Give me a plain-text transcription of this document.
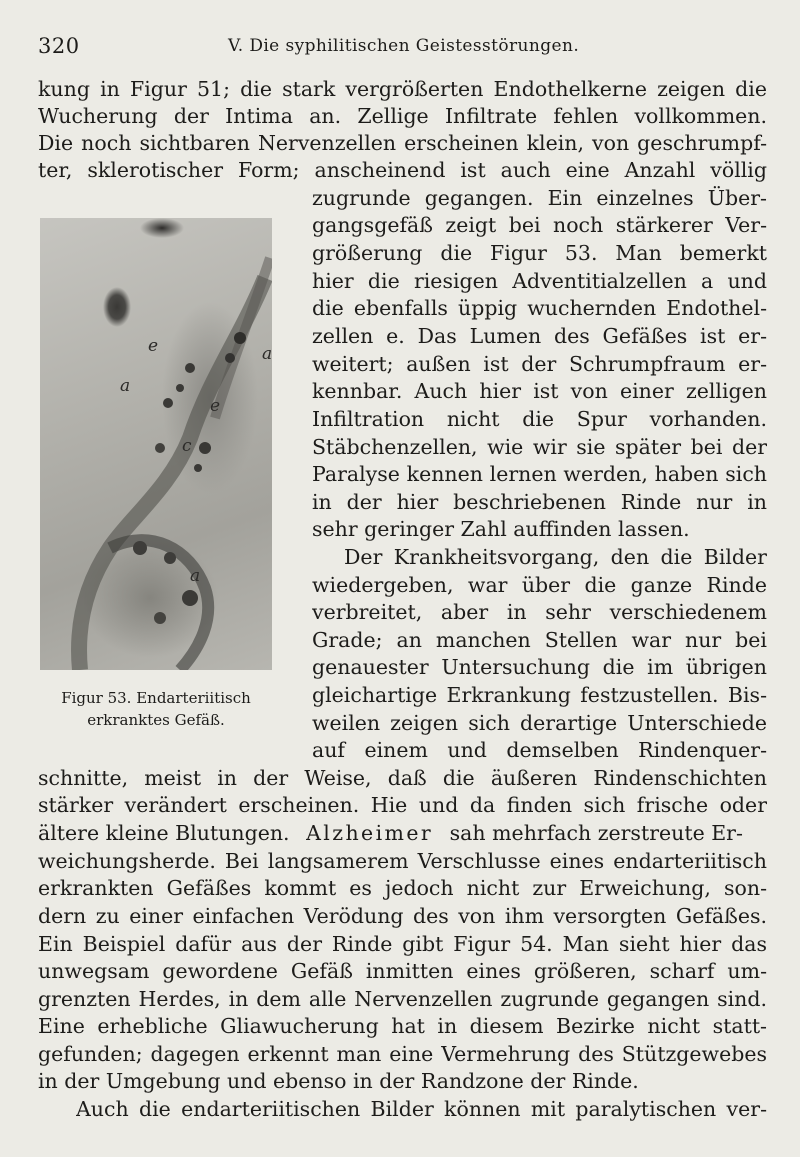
320	V. Die syphilitischen Geistesstörungen.
kung in Figur 51; die stark vergrößerten Endothelkerne zeigen die
Wucherung der Intima an. Zellige Infiltrate fehlen vollkommen.
Die noch sichtbaren Nervenzellen erscheinen klein, von geschrumpf-
ter, sklerotischer Form; anscheinend ist auch eine Anzahl völlig
zugrunde gegangen. Ein einzelnes Über-
gangsgefäß zeigt bei noch stärkerer Ver-
größerung die Figur 53. Man bemerkt
hier die riesigen Adventitialzellen a und
die ebenfalls üppig wuchernden Endothel-
zellen e. Das Lumen des Gefäßes ist er-
weitert; außen ist der Schrumpfraum er-
kennbar. Auch hier ist von einer zelligen
Infiltration nicht die Spur vorhanden.
Stäbchenzellen, wie wir sie später bei der
Paralyse kennen lernen werden, haben sich
in der hier beschriebenen Rinde nur in
sehr geringer Zahl auffinden lassen.
Der Krankheitsvorgang, den die Bilder
wiedergeben, war über die ganze Rinde
verbreitet, aber in sehr verschiedenem
Grade; an manchen Stellen war nur bei
genauester Untersuchung die im übrigen
gleichartige Erkrankung festzustellen. Bis-
weilen zeigen sich derartige Unterschiede
auf einem und demselben Rindenquer-
schnitte, meist in der Weise, daß die äußeren Rindenschichten
stärker verändert erscheinen. Hie und da finden sich frische oder
ältere kleine Blutungen. Alzheimer sah mehrfach zerstreute Er-
weichungsherde. Bei langsamerem Verschlusse eines endarteriitisch
erkrankten Gefäßes kommt es jedoch nicht zur Erweichung, son-
dern zu einer einfachen Verödung des von ihm versorgten Gefäßes.
Ein Beispiel dafür aus der Rinde gibt Figur 54. Man sieht hier das
unwegsam gewordene Gefäß inmitten eines größeren, scharf um-
grenzten Herdes, in dem alle Nervenzellen zugrunde gegangen sind.
Eine erhebliche Gliawucherung hat in diesem Bezirke nicht statt-
gefunden; dagegen erkennt man eine Vermehrung des Stützgewebes
in der Umgebung und ebenso in der Randzone der Rinde.
Auch die endarteriitischen Bilder können mit paralytischen ver-
e
a
a
e
c
a
Figur 53. Endarteriitisch
erkranktes Gefäß.
